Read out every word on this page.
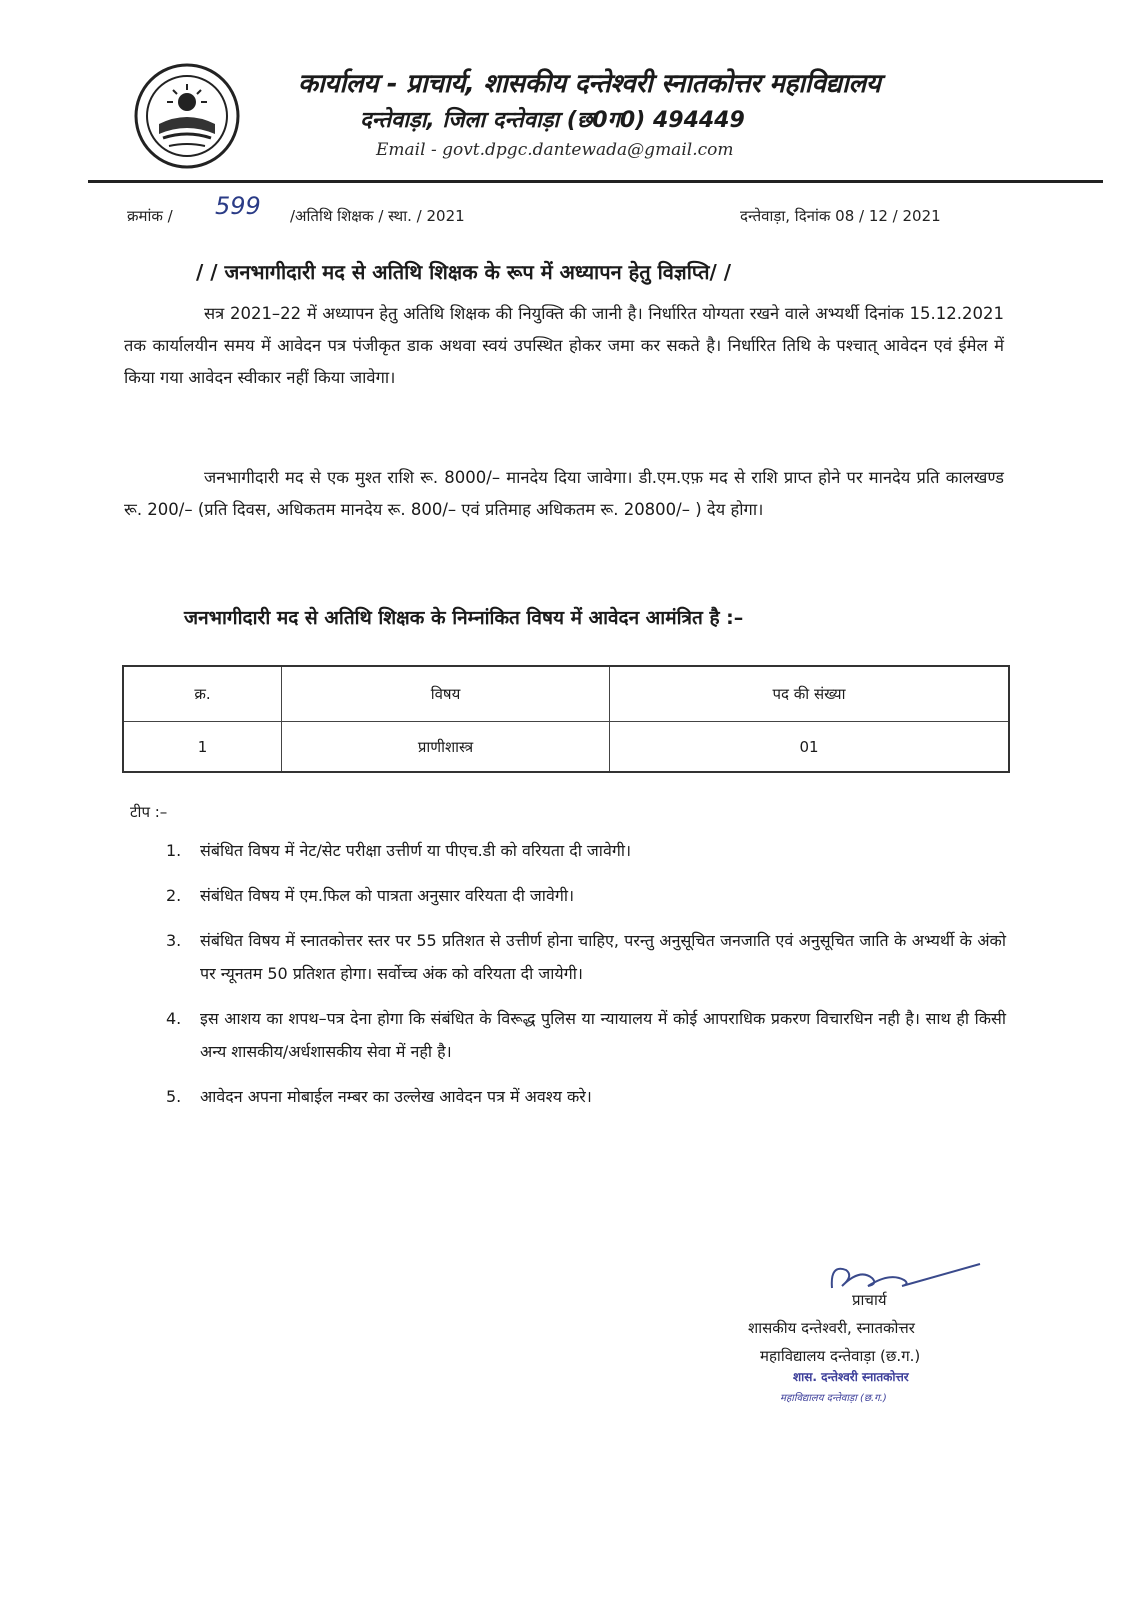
कार्यालय - प्राचार्य, शासकीय दन्तेश्वरी स्नातकोत्तर महाविद्यालय
दन्तेवाड़ा, जिला दन्तेवाड़ा (छ0ग0) 494449
Email - govt.dpgc.dantewada@gmail.com
क्रमांक / 599 /अतिथि शिक्षक / स्था. / 2021	दन्तेवाड़ा, दिनांक 08 / 12 / 2021
/ / जनभागीदारी मद से अतिथि शिक्षक के रूप में अध्यापन हेतु विज्ञप्ति/ /
सत्र 2021–22 में अध्यापन हेतु अतिथि शिक्षक की नियुक्ति की जानी है। निर्धारित योग्यता रखने वाले अभ्यर्थी दिनांक 15.12.2021 तक कार्यालयीन समय में आवेदन पत्र पंजीकृत डाक अथवा स्वयं उपस्थित होकर जमा कर सकते है। निर्धारित तिथि के पश्चात् आवेदन एवं ईमेल में किया गया आवेदन स्वीकार नहीं किया जावेगा।
जनभागीदारी मद से एक मुश्त राशि रू. 8000/– मानदेय दिया जावेगा। डी.एम.एफ़ मद से राशि प्राप्त होने पर मानदेय प्रति कालखण्ड रू. 200/– (प्रति दिवस, अधिकतम मानदेय रू. 800/– एवं प्रतिमाह अधिकतम रू. 20800/– ) देय होगा।
जनभागीदारी मद से अतिथि शिक्षक के निम्नांकित विषय में आवेदन आमंत्रित है :–
क्र.	विषय	पद की संख्या
1	प्राणीशास्त्र	01
टीप :–
1. संबंधित विषय में नेट/सेट परीक्षा उत्तीर्ण या पीएच.डी को वरियता दी जावेगी।
2. संबंधित विषय में एम.फिल को पात्रता अनुसार वरियता दी जावेगी।
3. संबंधित विषय में स्नातकोत्तर स्तर पर 55 प्रतिशत से उत्तीर्ण होना चाहिए, परन्तु अनुसूचित जनजाति एवं अनुसूचित जाति के अभ्यर्थी के अंको पर न्यूनतम 50 प्रतिशत होगा। सर्वोच्च अंक को वरियता दी जायेगी।
4. इस आशय का शपथ–पत्र देना होगा कि संबंधित के विरूद्ध पुलिस या न्यायालय में कोई आपराधिक प्रकरण विचारधिन नही है। साथ ही किसी अन्य शासकीय/अर्धशासकीय सेवा में नही है।
5. आवेदन अपना मोबाईल नम्बर का उल्लेख आवेदन पत्र में अवश्य करे।
प्राचार्य
शासकीय दन्तेश्वरी, स्नातकोत्तर
महाविद्यालय दन्तेवाड़ा (छ.ग.)
शास. दन्तेश्वरी स्नातकोत्तर
महाविद्यालय दन्तेवाड़ा (छ.ग.)
